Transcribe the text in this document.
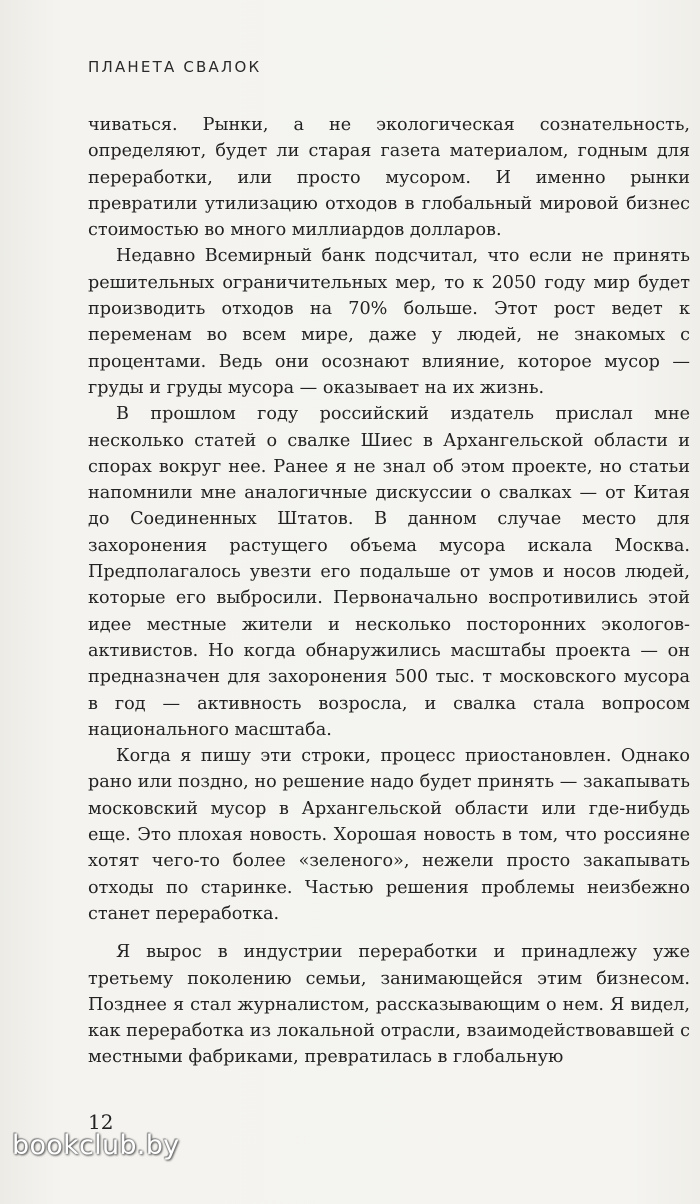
ПЛАНЕТА СВАЛОК

чиваться. Рынки, а не экологическая сознательность, определяют, будет ли старая газета материалом, годным для переработки, или просто мусором. И именно рынки превратили утилизацию отходов в глобальный мировой бизнес стоимостью во много миллиардов долларов.

Недавно Всемирный банк подсчитал, что если не принять решительных ограничительных мер, то к 2050 году мир будет производить отходов на 70% больше. Этот рост ведет к переменам во всем мире, даже у людей, не знакомых с процентами. Ведь они осознают влияние, которое мусор — груды и груды мусора — оказывает на их жизнь.

В прошлом году российский издатель прислал мне несколько статей о свалке Шиес в Архангельской области и спорах вокруг нее. Ранее я не знал об этом проекте, но статьи напомнили мне аналогичные дискуссии о свалках — от Китая до Соединенных Штатов. В данном случае место для захоронения растущего объема мусора искала Москва. Предполагалось увезти его подальше от умов и носов людей, которые его выбросили. Первоначально воспротивились этой идее местные жители и несколько посторонних экологов-активистов. Но когда обнаружились масштабы проекта — он предназначен для захоронения 500 тыс. т московского мусора в год — активность возросла, и свалка стала вопросом национального масштаба.

Когда я пишу эти строки, процесс приостановлен. Однако рано или поздно, но решение надо будет принять — закапывать московский мусор в Архангельской области или где-нибудь еще. Это плохая новость. Хорошая новость в том, что россияне хотят чего-то более «зеленого», нежели просто закапывать отходы по старинке. Частью решения проблемы неизбежно станет переработка.

Я вырос в индустрии переработки и принадлежу уже третьему поколению семьи, занимающейся этим бизнесом. Позднее я стал журналистом, рассказывающим о нем. Я видел, как переработка из локальной отрасли, взаимодействовавшей с местными фабриками, превратилась в глобальную

12
bookclub.by
